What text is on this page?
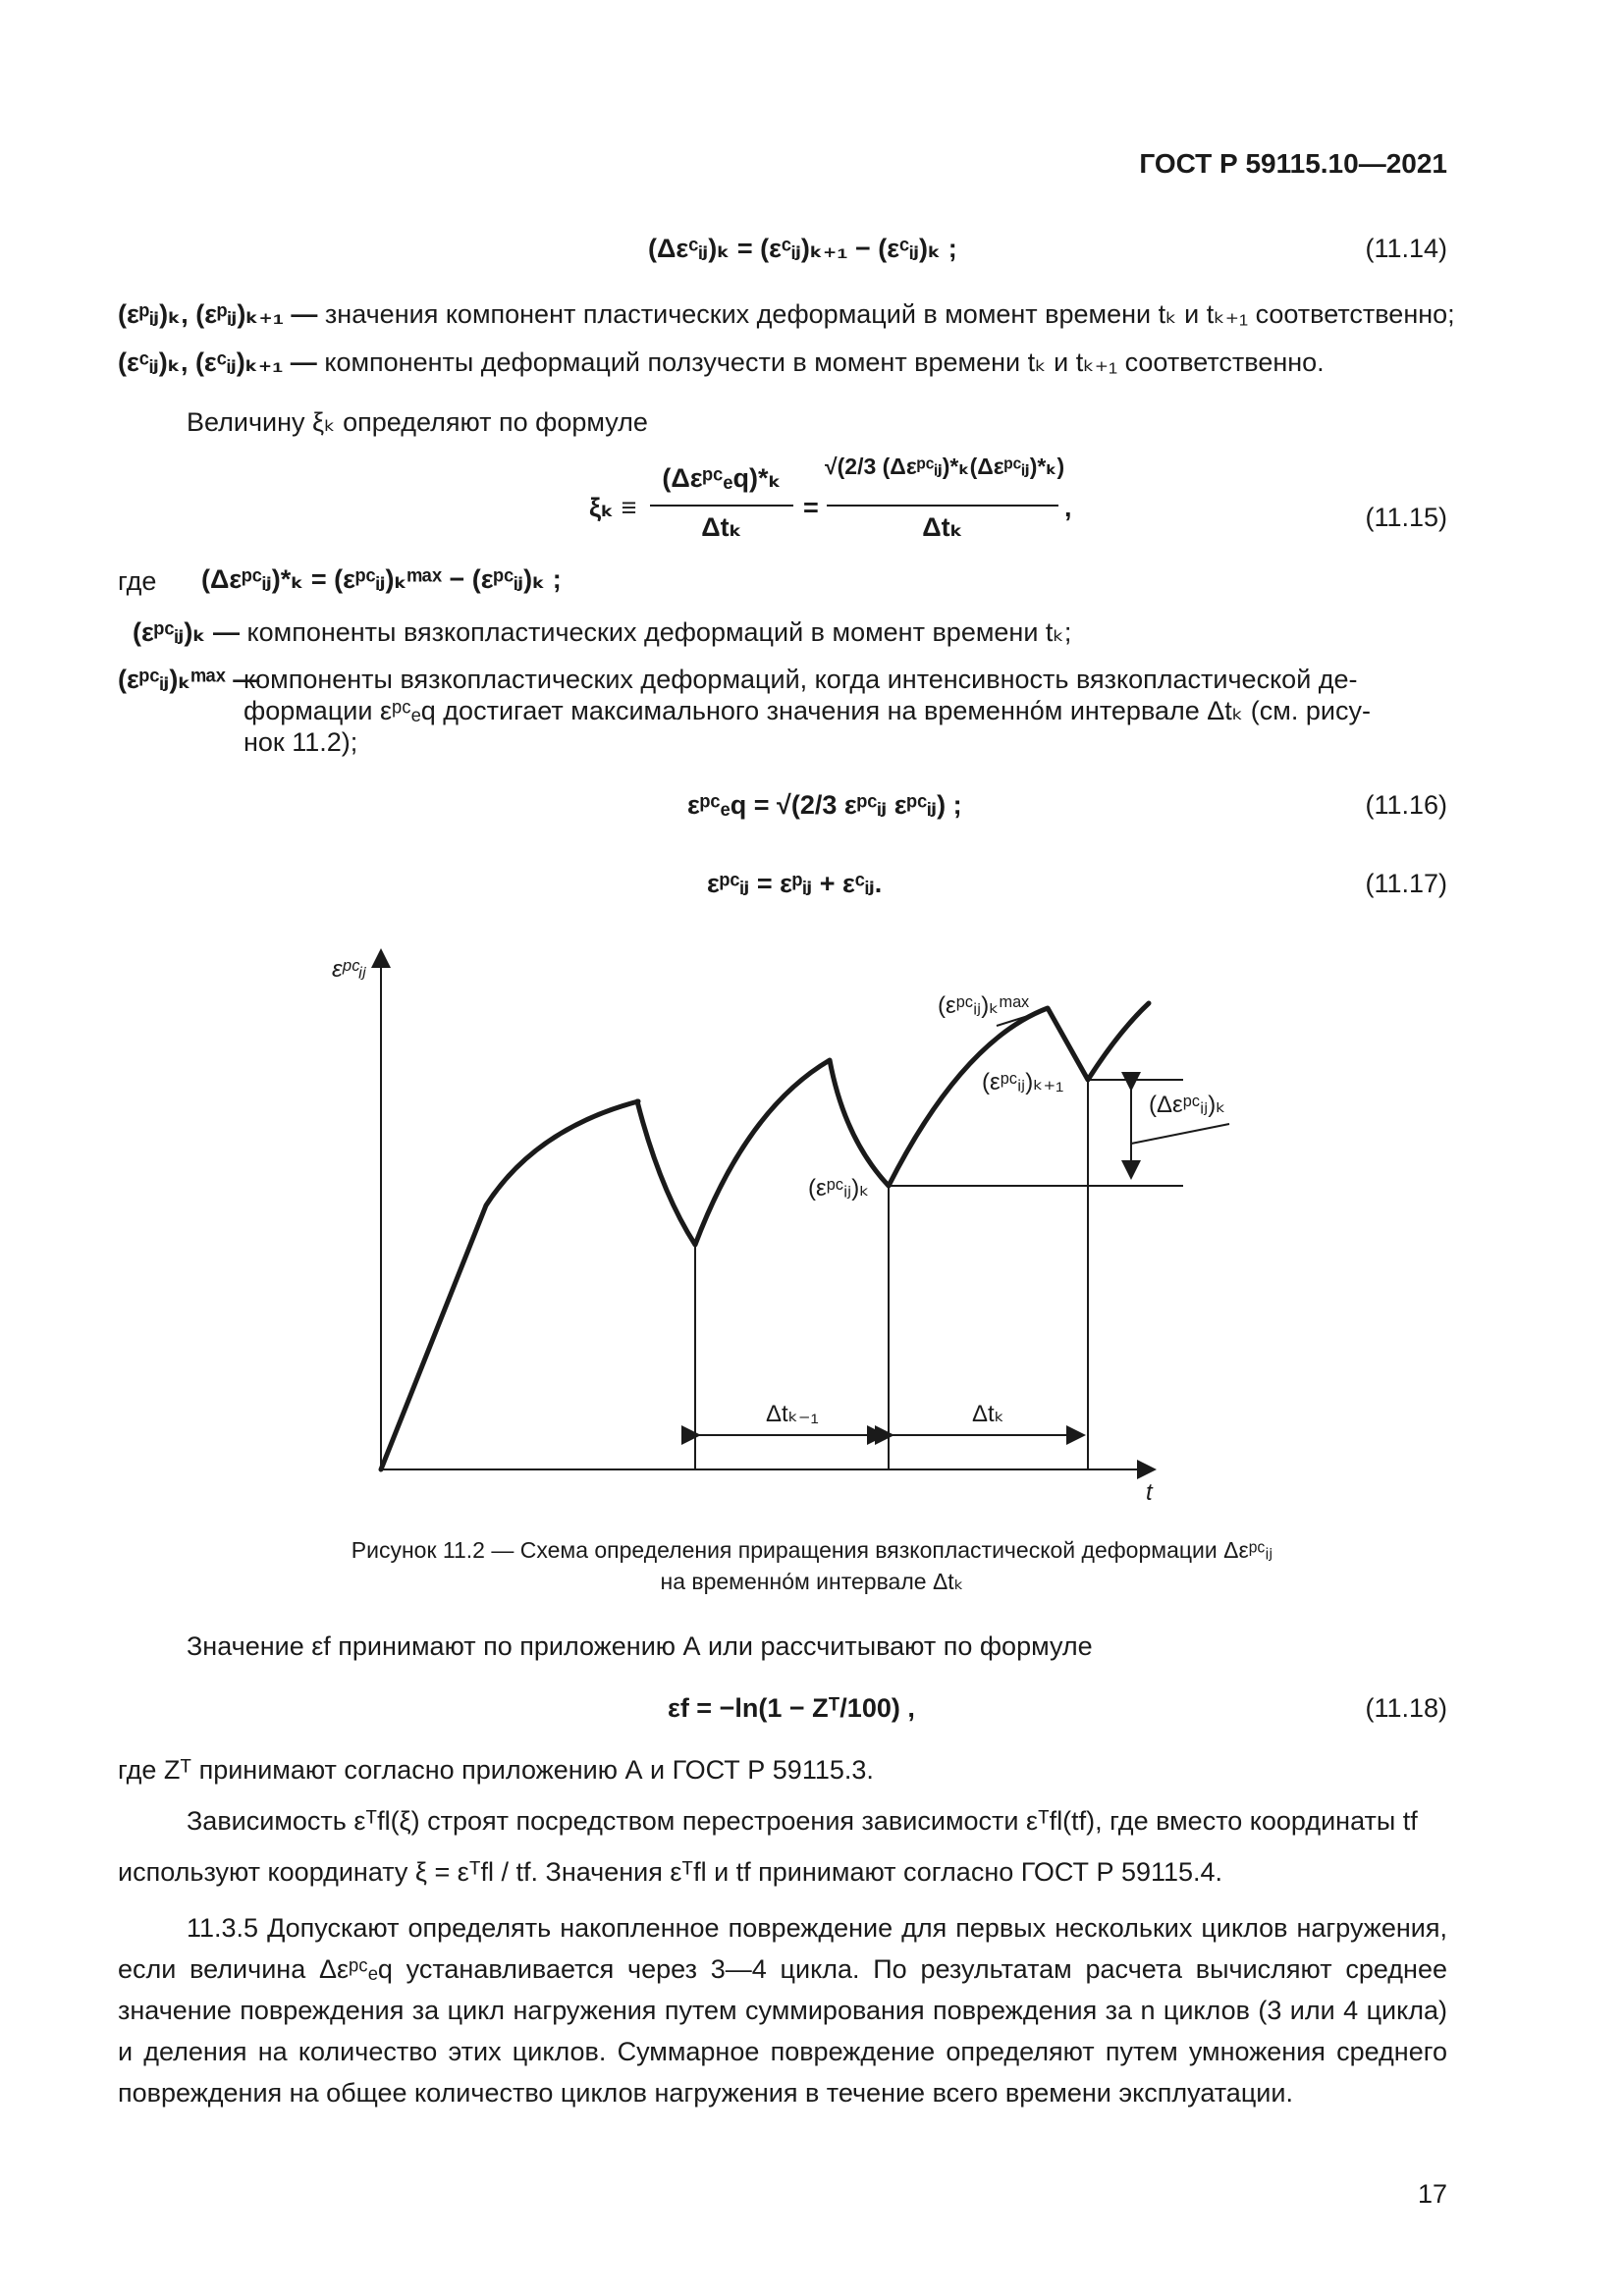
ГОСТ Р 59115.10—2021
(Δεᶜᵢⱼ)ₖ = (εᶜᵢⱼ)ₖ₊₁ − (εᶜᵢⱼ)ₖ ;	(11.14)
(εᵖᵢⱼ)ₖ, (εᵖᵢⱼ)ₖ₊₁ — значения компонент пластических деформаций в момент времени tₖ и tₖ₊₁ соответственно;
(εᶜᵢⱼ)ₖ, (εᶜᵢⱼ)ₖ₊₁ — компоненты деформаций ползучести в момент времени tₖ и tₖ₊₁ соответственно.
Величину ξₖ определяют по формуле
ξₖ ≡
(Δεᵖᶜₑq)*ₖ
Δtₖ
=
√(2/3 (Δεᵖᶜᵢⱼ)*ₖ(Δεᵖᶜᵢⱼ)*ₖ)
Δtₖ
,	(11.15)
где (Δεᵖᶜᵢⱼ)*ₖ = (εᵖᶜᵢⱼ)ₖᵐᵃˣ − (εᵖᶜᵢⱼ)ₖ ;
(εᵖᶜᵢⱼ)ₖ — компоненты вязкопластических деформаций в момент времени tₖ;
(εᵖᶜᵢⱼ)ₖᵐᵃˣ —
компоненты вязкопластических деформаций, когда интенсивность вязкопластической де-
формации εᵖᶜₑq достигает максимального значения на временно́м интервале Δtₖ (см. рису-
нок 11.2);
εᵖᶜₑq = √(2/3 εᵖᶜᵢⱼ εᵖᶜᵢⱼ) ;	(11.16)
εᵖᶜᵢⱼ = εᵖᵢⱼ + εᶜᵢⱼ.	(11.17)
εᵖᶜᵢⱼ
t
(εᵖᶜᵢⱼ)ₖᵐᵃˣ
(εᵖᶜᵢⱼ)ₖ₊₁
(εᵖᶜᵢⱼ)ₖ
(Δεᵖᶜᵢⱼ)ₖ
Δtₖ₋₁	Δtₖ
Рисунок 11.2 — Схема определения приращения вязкопластической деформации Δεᵖᶜᵢⱼ
на временно́м интервале Δtₖ
Значение εf принимают по приложению А или рассчитывают по формуле
εf = −ln(1 − Zᵀ/100) ,	(11.18)
где Zᵀ принимают согласно приложению А и ГОСТ Р 59115.3.
Зависимость εᵀfl(ξ) строят посредством перестроения зависимости εᵀfl(tf), где вместо координаты tf
используют координату ξ = εᵀfl / tf. Значения εᵀfl и tf принимают согласно ГОСТ Р 59115.4.
11.3.5 Допускают определять накопленное повреждение для первых нескольких циклов нагружения, если величина Δεᵖᶜₑq устанавливается через 3—4 цикла. По результатам расчета вычисляют среднее значение повреждения за цикл нагружения путем суммирования повреждения за n циклов (3 или 4 цикла) и деления на количество этих циклов. Суммарное повреждение определяют путем умножения среднего повреждения на общее количество циклов нагружения в течение всего времени эксплуатации.
17
